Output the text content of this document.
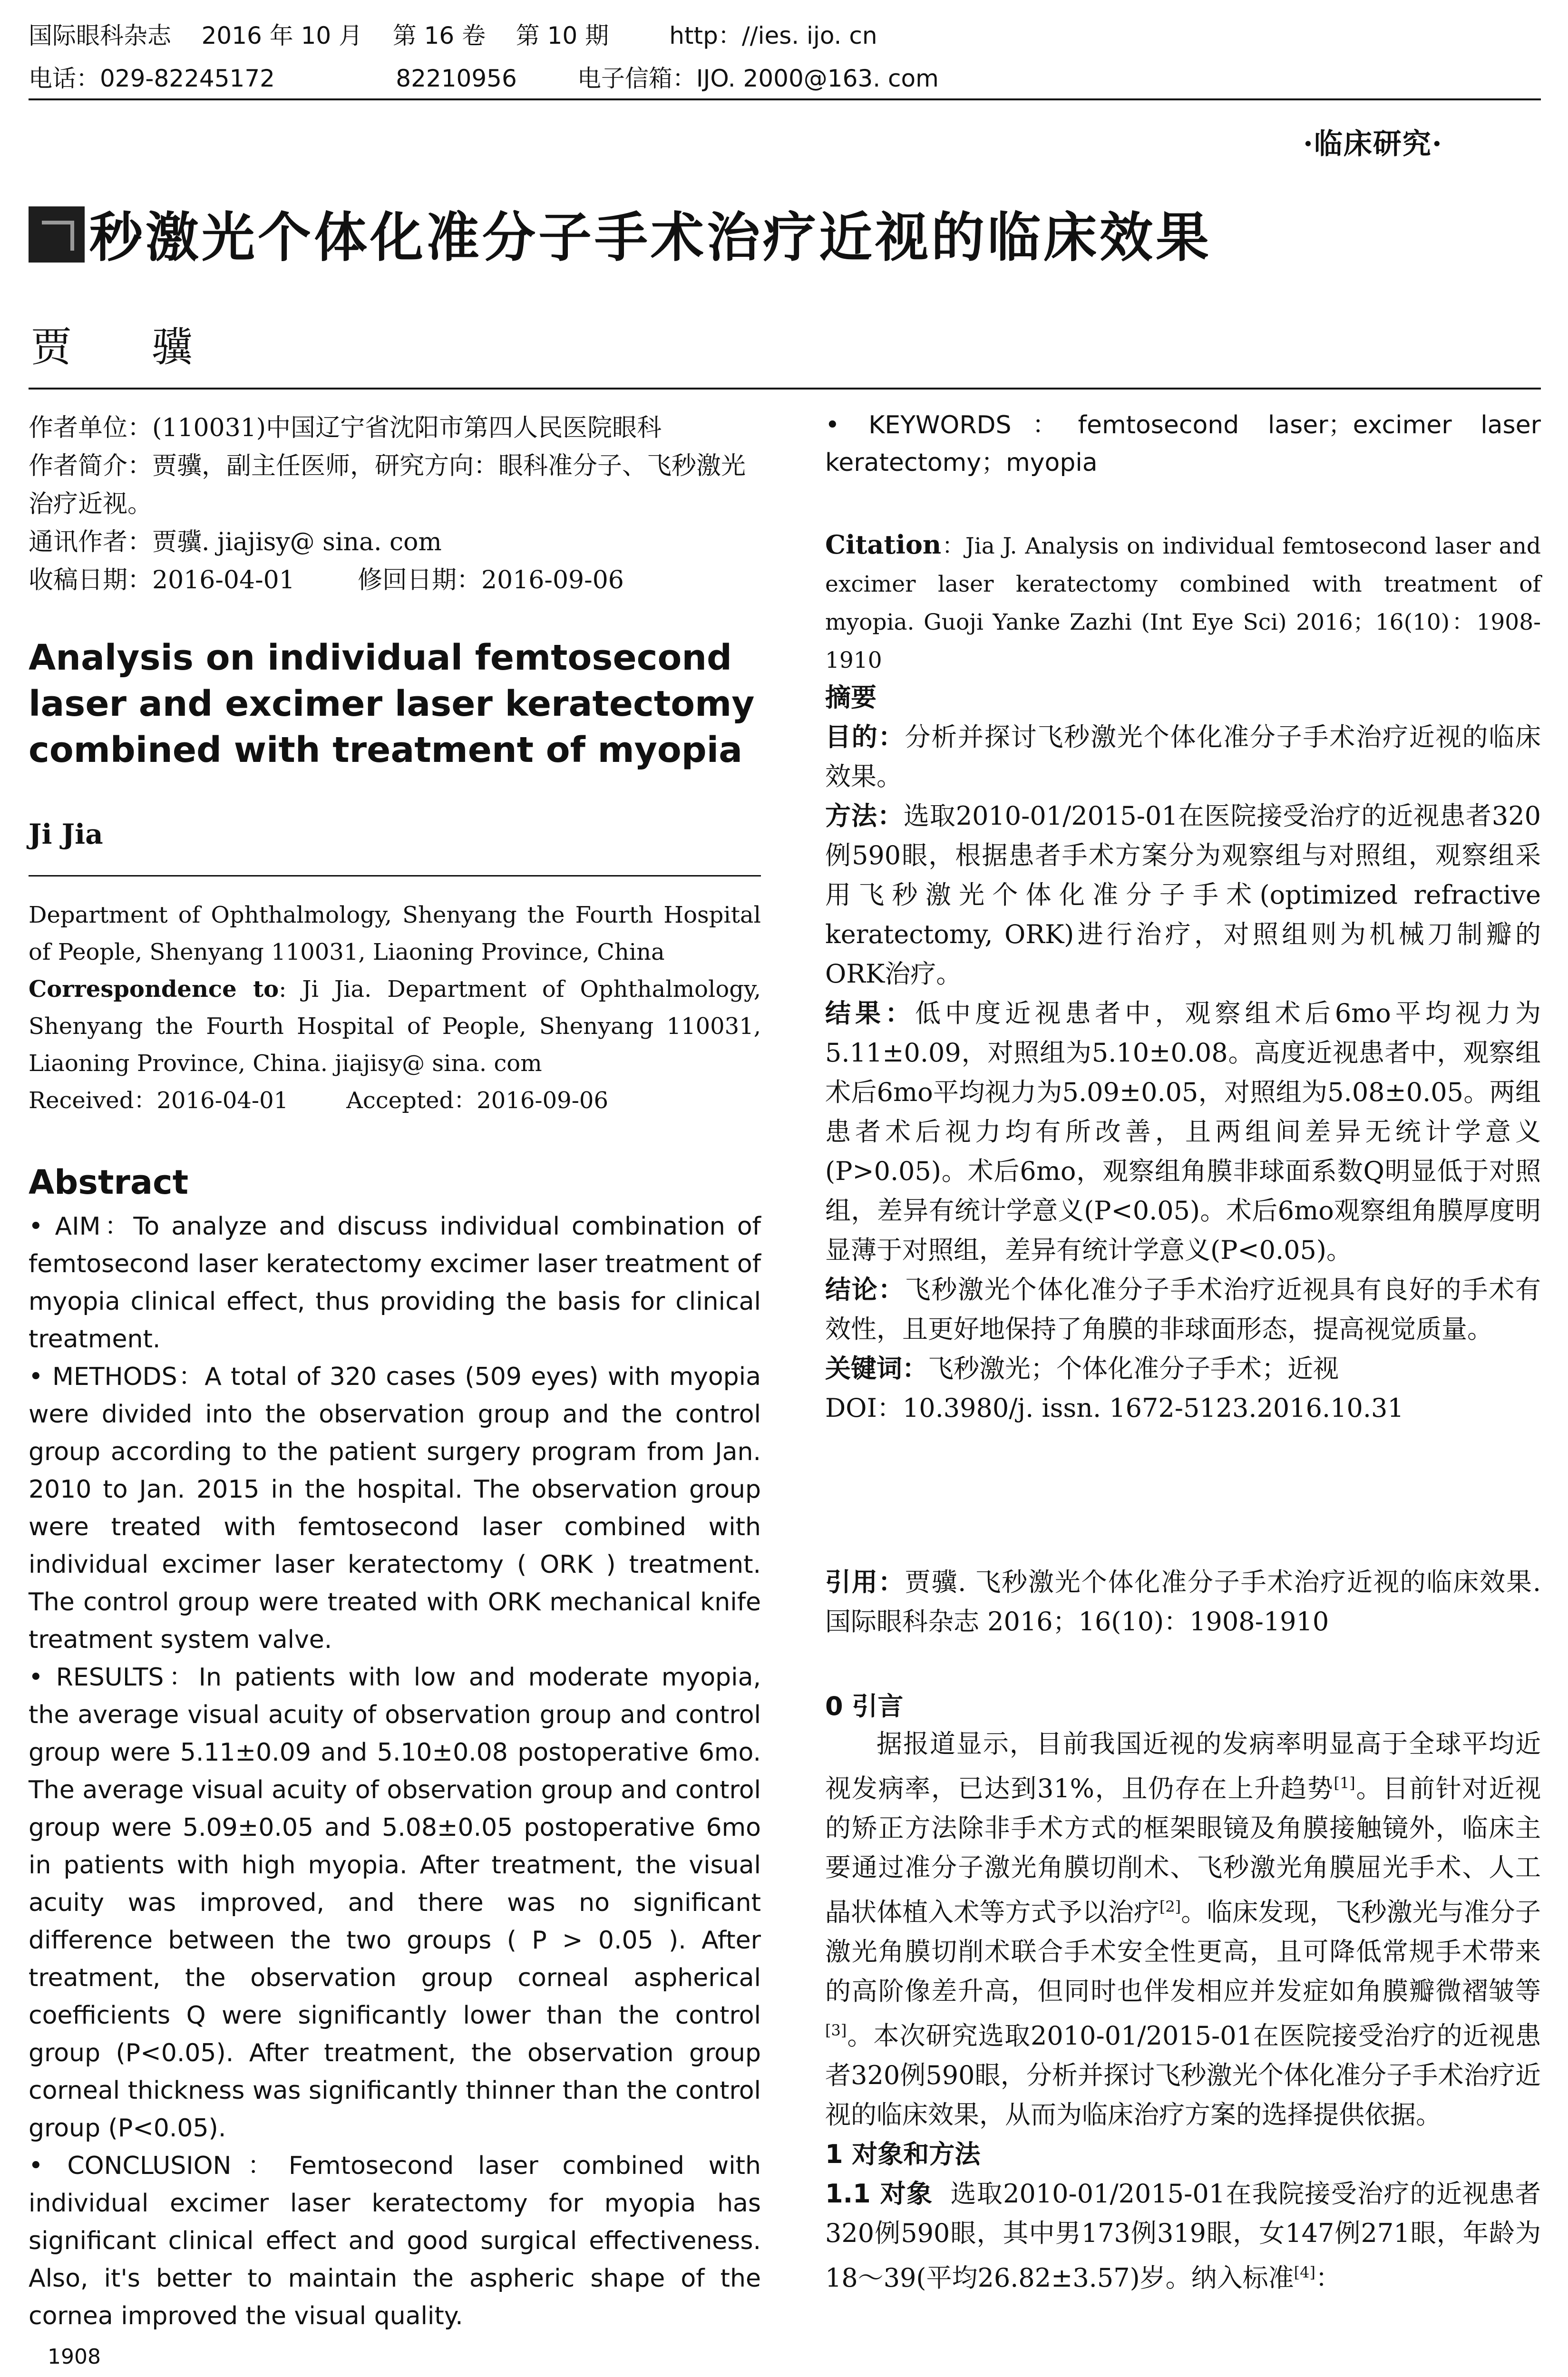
国际眼科杂志    2016 年 10 月    第 16 卷    第 10 期        http：//ies. ijo. cn
电话：029-82245172                82210956        电子信箱：IJO. 2000@163. com
·临床研究·
秒激光个体化准分子手术治疗近视的临床效果
贾 骥
作者单位：(110031)中国辽宁省沈阳市第四人民医院眼科
作者简介：贾骥，副主任医师，研究方向：眼科准分子、飞秒激光治疗近视。
通讯作者：贾骥. jiajisy@ sina. com
收稿日期：2016-04-01        修回日期：2016-09-06
Analysis on individual femtosecond laser and excimer laser keratectomy combined with treatment of myopia
Ji Jia
Department of Ophthalmology, Shenyang the Fourth Hospital of People, Shenyang 110031, Liaoning Province, China
Correspondence to: Ji Jia. Department of Ophthalmology, Shenyang the Fourth Hospital of People, Shenyang 110031, Liaoning Province, China. jiajisy@ sina. com
Received：2016-04-01        Accepted：2016-09-06
Abstract

• AIM：To analyze and discuss individual combination of femtosecond laser keratectomy excimer laser treatment of myopia clinical effect, thus providing the basis for clinical treatment.

• METHODS：A total of 320 cases (509 eyes) with myopia were divided into the observation group and the control group according to the patient surgery program from Jan. 2010 to Jan. 2015 in the hospital. The observation group were treated with femtosecond laser combined with individual excimer laser keratectomy ( ORK ) treatment. The control group were treated with ORK mechanical knife treatment system valve.

• RESULTS：In patients with low and moderate myopia, the average visual acuity of observation group and control group were 5.11±0.09 and 5.10±0.08 postoperative 6mo. The average visual acuity of observation group and control group were 5.09±0.05 and 5.08±0.05 postoperative 6mo in patients with high myopia. After treatment, the visual acuity was improved, and there was no significant difference between the two groups ( P > 0.05 ). After treatment, the observation group corneal aspherical coefficients Q were significantly lower than the control group (P<0.05). After treatment, the observation group corneal thickness was significantly thinner than the control group (P<0.05).

• CONCLUSION：Femtosecond laser combined with individual excimer laser keratectomy for myopia has significant clinical effect and good surgical effectiveness. Also, it's better to maintain the aspheric shape of the cornea improved the visual quality.

1908
• KEYWORDS：femtosecond laser；excimer laser keratectomy；myopia
Citation：Jia J. Analysis on individual femtosecond laser and excimer laser keratectomy combined with treatment of myopia. Guoji Yanke Zazhi (Int Eye Sci) 2016；16(10)：1908-1910
摘要

目的：分析并探讨飞秒激光个体化准分子手术治疗近视的临床效果。

方法：选取2010-01/2015-01在医院接受治疗的近视患者320例590眼，根据患者手术方案分为观察组与对照组，观察组采用飞秒激光个体化准分子手术(optimized refractive keratectomy, ORK)进行治疗，对照组则为机械刀制瓣的ORK治疗。

结果：低中度近视患者中，观察组术后6mo平均视力为5.11±0.09，对照组为5.10±0.08。高度近视患者中，观察组术后6mo平均视力为5.09±0.05，对照组为5.08±0.05。两组患者术后视力均有所改善，且两组间差异无统计学意义(P>0.05)。术后6mo，观察组角膜非球面系数Q明显低于对照组，差异有统计学意义(P<0.05)。术后6mo观察组角膜厚度明显薄于对照组，差异有统计学意义(P<0.05)。

结论：飞秒激光个体化准分子手术治疗近视具有良好的手术有效性，且更好地保持了角膜的非球面形态，提高视觉质量。

关键词：飞秒激光；个体化准分子手术；近视

DOI：10.3980/j. issn. 1672-5123.2016.10.31

引用：贾骥. 飞秒激光个体化准分子手术治疗近视的临床效果. 国际眼科杂志 2016；16(10)：1908-1910
0 引言

据报道显示，目前我国近视的发病率明显高于全球平均近视发病率，已达到31%，且仍存在上升趋势[1]。目前针对近视的矫正方法除非手术方式的框架眼镜及角膜接触镜外，临床主要通过准分子激光角膜切削术、飞秒激光角膜屈光手术、人工晶状体植入术等方式予以治疗[2]。临床发现，飞秒激光与准分子激光角膜切削术联合手术安全性更高，且可降低常规手术带来的高阶像差升高，但同时也伴发相应并发症如角膜瓣微褶皱等[3]。本次研究选取2010-01/2015-01在医院接受治疗的近视患者320例590眼，分析并探讨飞秒激光个体化准分子手术治疗近视的临床效果，从而为临床治疗方案的选择提供依据。

1 对象和方法

1.1 对象 选取2010-01/2015-01在我院接受治疗的近视患者320例590眼，其中男173例319眼，女147例271眼，年龄为18～39(平均26.82±3.57)岁。纳入标准[4]：
